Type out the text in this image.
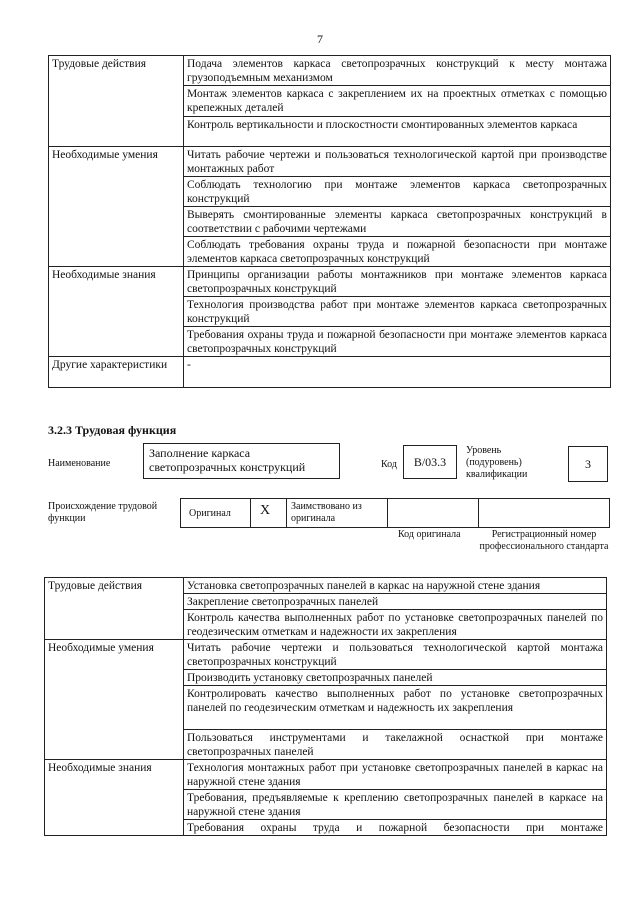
7
Трудовые действия	Подача элементов каркаса светопрозрачных конструкций к месту монтажа грузоподъемным механизмом
	Монтаж элементов каркаса с закреплением их на проектных отметках с помощью крепежных деталей
	Контроль вертикальности и плоскостности смонтированных элементов каркаса
Необходимые умения	Читать рабочие чертежи и пользоваться технологической картой при производстве монтажных работ
	Соблюдать технологию при монтаже элементов каркаса светопрозрачных конструкций
	Выверять смонтированные элементы каркаса светопрозрачных конструкций в соответствии с рабочими чертежами
	Соблюдать требования охраны труда и пожарной безопасности при монтаже элементов каркаса светопрозрачных конструкций
Необходимые знания	Принципы организации работы монтажников при монтаже элементов каркаса светопрозрачных конструкций
	Технология производства работ при монтаже элементов каркаса светопрозрачных конструкций
	Требования охраны труда и пожарной безопасности при монтаже элементов каркаса светопрозрачных конструкций
Другие характеристики	-
3.2.3 Трудовая функция
Наименование
Заполнение каркаса светопрозрачных конструкций	Код	B/03.3
Уровень (подуровень) квалификации
3
Происхождение трудовой функции	Оригинал X Заимствовано из оригинала
Код оригинала	Регистрационный номер профессионального стандарта
Трудовые действия	Установка светопрозрачных панелей в каркас на наружной стене здания
	Закрепление светопрозрачных панелей
	Контроль качества выполненных работ по установке светопрозрачных панелей по геодезическим отметкам и надежности их закрепления
Необходимые умения	Читать рабочие чертежи и пользоваться технологической картой монтажа светопрозрачных конструкций
	Производить установку светопрозрачных панелей
	Контролировать качество выполненных работ по установке светопрозрачных панелей по геодезическим отметкам и надежность их закрепления
	Пользоваться инструментами и такелажной оснасткой при монтаже светопрозрачных панелей
Необходимые знания	Технология монтажных работ при установке светопрозрачных панелей в каркас на наружной стене здания
	Требования, предъявляемые к креплению светопрозрачных панелей в каркасе на наружной стене здания
	Требования охраны труда и пожарной безопасности при монтаже
